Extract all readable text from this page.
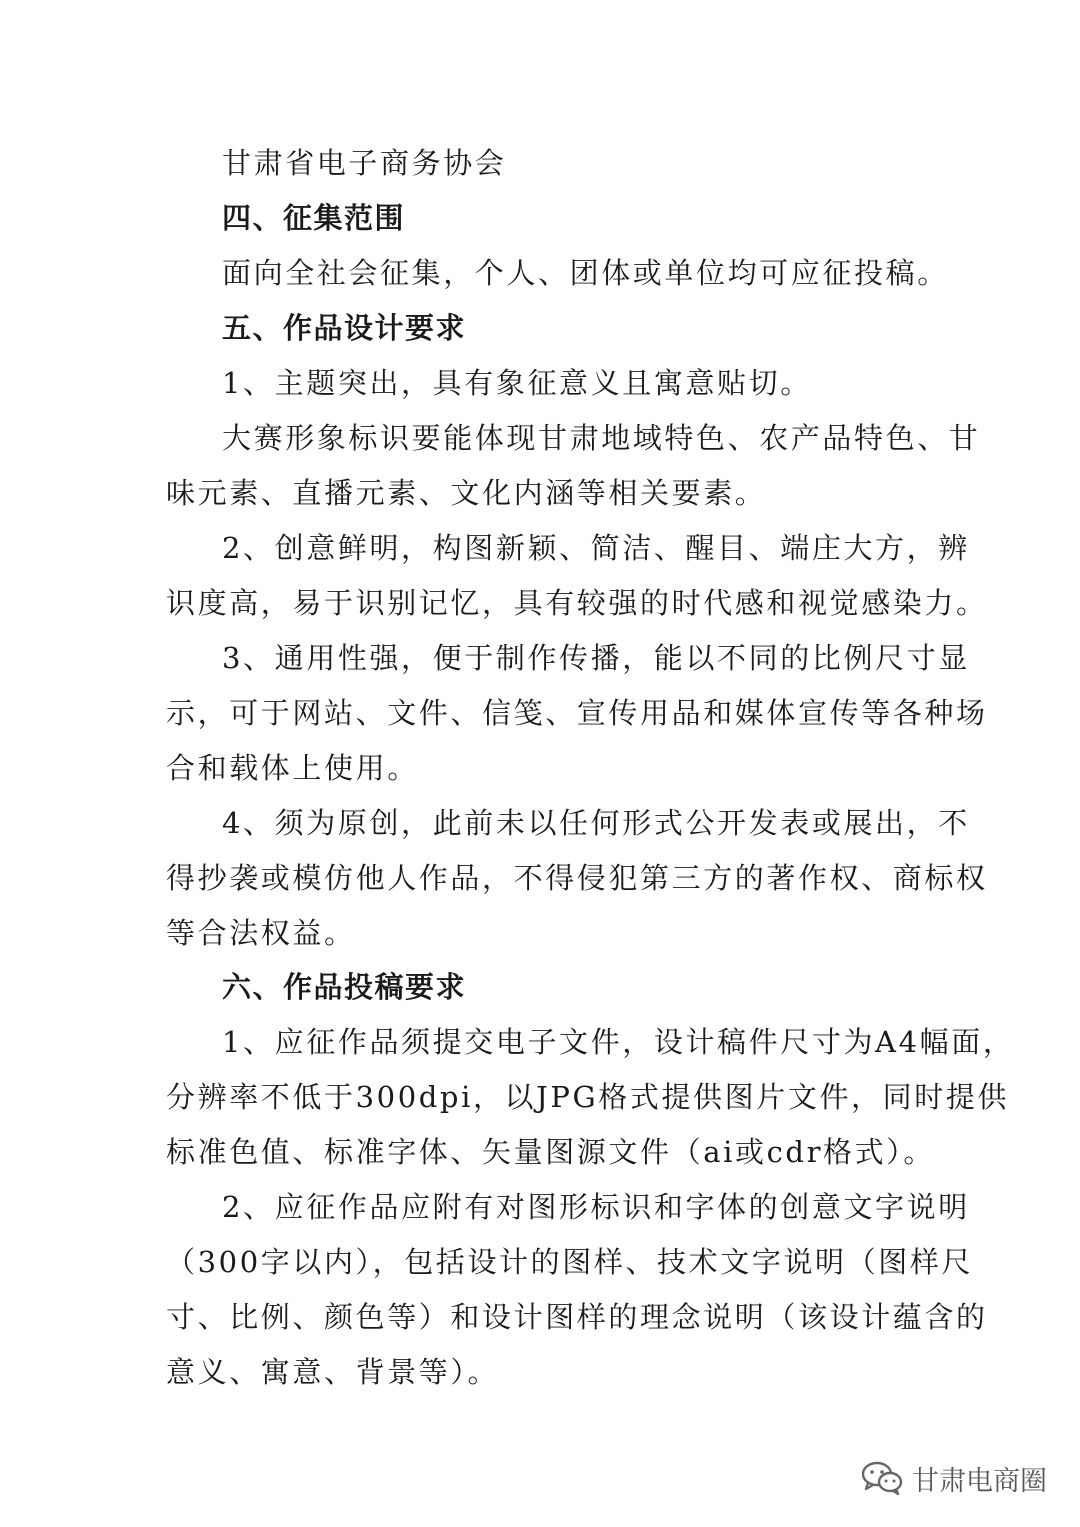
甘肃省电子商务协会
四、征集范围
面向全社会征集，个人、团体或单位均可应征投稿。
五、作品设计要求
1、主题突出，具有象征意义且寓意贴切。
大赛形象标识要能体现甘肃地域特色、农产品特色、甘
味元素、直播元素、文化内涵等相关要素。
2、创意鲜明，构图新颖、简洁、醒目、端庄大方，辨
识度高，易于识别记忆，具有较强的时代感和视觉感染力。
3、通用性强，便于制作传播，能以不同的比例尺寸显
示，可于网站、文件、信笺、宣传用品和媒体宣传等各种场
合和载体上使用。
4、须为原创，此前未以任何形式公开发表或展出，不
得抄袭或模仿他人作品，不得侵犯第三方的著作权、商标权
等合法权益。
六、作品投稿要求
1、应征作品须提交电子文件，设计稿件尺寸为A4幅面，
分辨率不低于300dpi，以JPG格式提供图片文件，同时提供
标准色值、标准字体、矢量图源文件（ai或cdr格式）。
2、应征作品应附有对图形标识和字体的创意文字说明
（300字以内），包括设计的图样、技术文字说明（图样尺
寸、比例、颜色等）和设计图样的理念说明（该设计蕴含的
意义、寓意、背景等）。
甘肃电商圈
